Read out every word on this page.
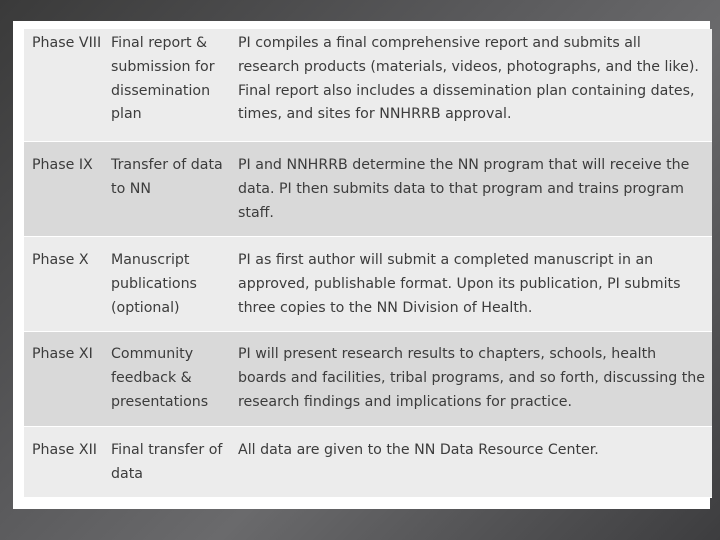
Phase VIII	Final report & submission for dissemination plan	PI compiles a final comprehensive report and submits all research products (materials, videos, photographs, and the like). Final report also includes a dissemination plan containing dates, times, and sites for NNHRRB approval.
Phase IX	Transfer of data to NN	PI and NNHRRB determine the NN program that will receive the data. PI then submits data to that program and trains program staff.
Phase X	Manuscript publications (optional)	PI as first author will submit a completed manuscript in an approved, publishable format. Upon its publication, PI submits three copies to the NN Division of Health.
Phase XI	Community feedback & presentations	PI will present research results to chapters, schools, health boards and facilities, tribal programs, and so forth, discussing the research findings and implications for practice.
Phase XII	Final transfer of data	All data are given to the NN Data Resource Center.
